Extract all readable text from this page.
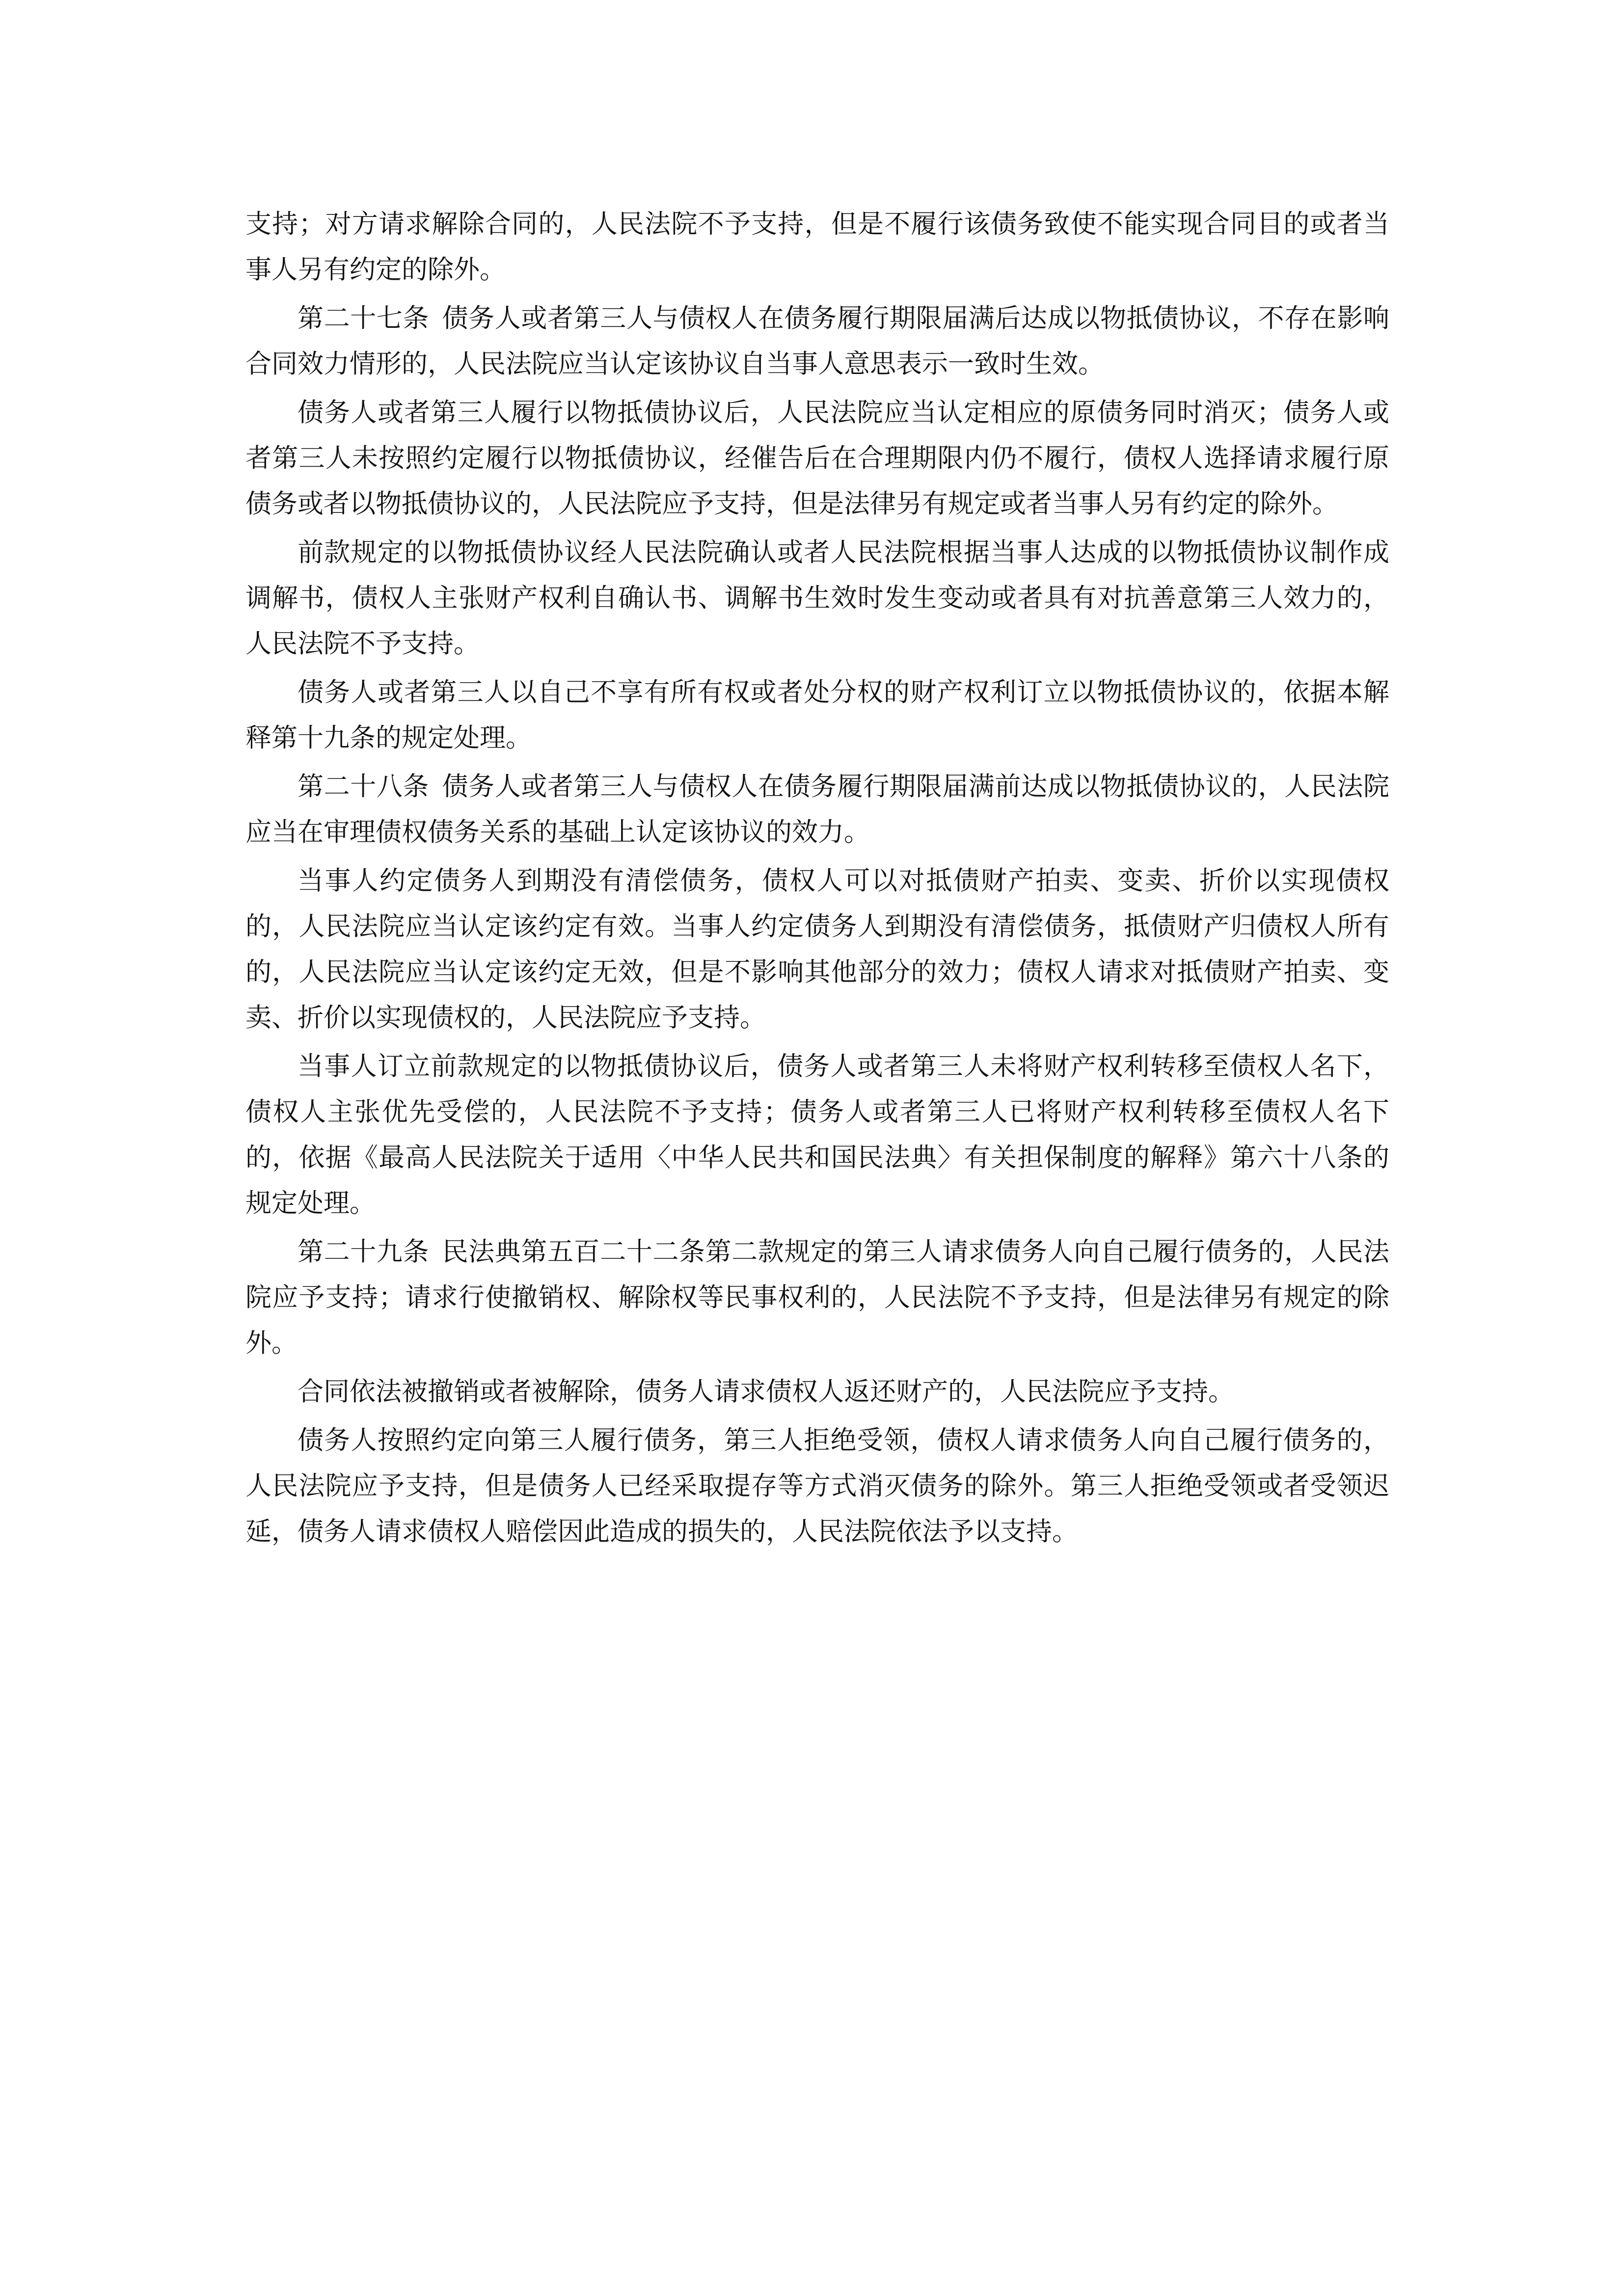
支持；对方请求解除合同的，人民法院不予支持，但是不履行该债务致使不能实现合同目的或者当事人另有约定的除外。

第二十七条 债务人或者第三人与债权人在债务履行期限届满后达成以物抵债协议，不存在影响合同效力情形的，人民法院应当认定该协议自当事人意思表示一致时生效。

债务人或者第三人履行以物抵债协议后，人民法院应当认定相应的原债务同时消灭；债务人或者第三人未按照约定履行以物抵债协议，经催告后在合理期限内仍不履行，债权人选择请求履行原债务或者以物抵债协议的，人民法院应予支持，但是法律另有规定或者当事人另有约定的除外。

前款规定的以物抵债协议经人民法院确认或者人民法院根据当事人达成的以物抵债协议制作成调解书，债权人主张财产权利自确认书、调解书生效时发生变动或者具有对抗善意第三人效力的，人民法院不予支持。

债务人或者第三人以自己不享有所有权或者处分权的财产权利订立以物抵债协议的，依据本解释第十九条的规定处理。

第二十八条 债务人或者第三人与债权人在债务履行期限届满前达成以物抵债协议的，人民法院应当在审理债权债务关系的基础上认定该协议的效力。

当事人约定债务人到期没有清偿债务，债权人可以对抵债财产拍卖、变卖、折价以实现债权的，人民法院应当认定该约定有效。当事人约定债务人到期没有清偿债务，抵债财产归债权人所有的，人民法院应当认定该约定无效，但是不影响其他部分的效力；债权人请求对抵债财产拍卖、变卖、折价以实现债权的，人民法院应予支持。

当事人订立前款规定的以物抵债协议后，债务人或者第三人未将财产权利转移至债权人名下，债权人主张优先受偿的，人民法院不予支持；债务人或者第三人已将财产权利转移至债权人名下的，依据《最高人民法院关于适用〈中华人民共和国民法典〉有关担保制度的解释》第六十八条的规定处理。

第二十九条 民法典第五百二十二条第二款规定的第三人请求债务人向自己履行债务的，人民法院应予支持；请求行使撤销权、解除权等民事权利的，人民法院不予支持，但是法律另有规定的除外。

合同依法被撤销或者被解除，债务人请求债权人返还财产的，人民法院应予支持。

债务人按照约定向第三人履行债务，第三人拒绝受领，债权人请求债务人向自己履行债务的，人民法院应予支持，但是债务人已经采取提存等方式消灭债务的除外。第三人拒绝受领或者受领迟延，债务人请求债权人赔偿因此造成的损失的，人民法院依法予以支持。
